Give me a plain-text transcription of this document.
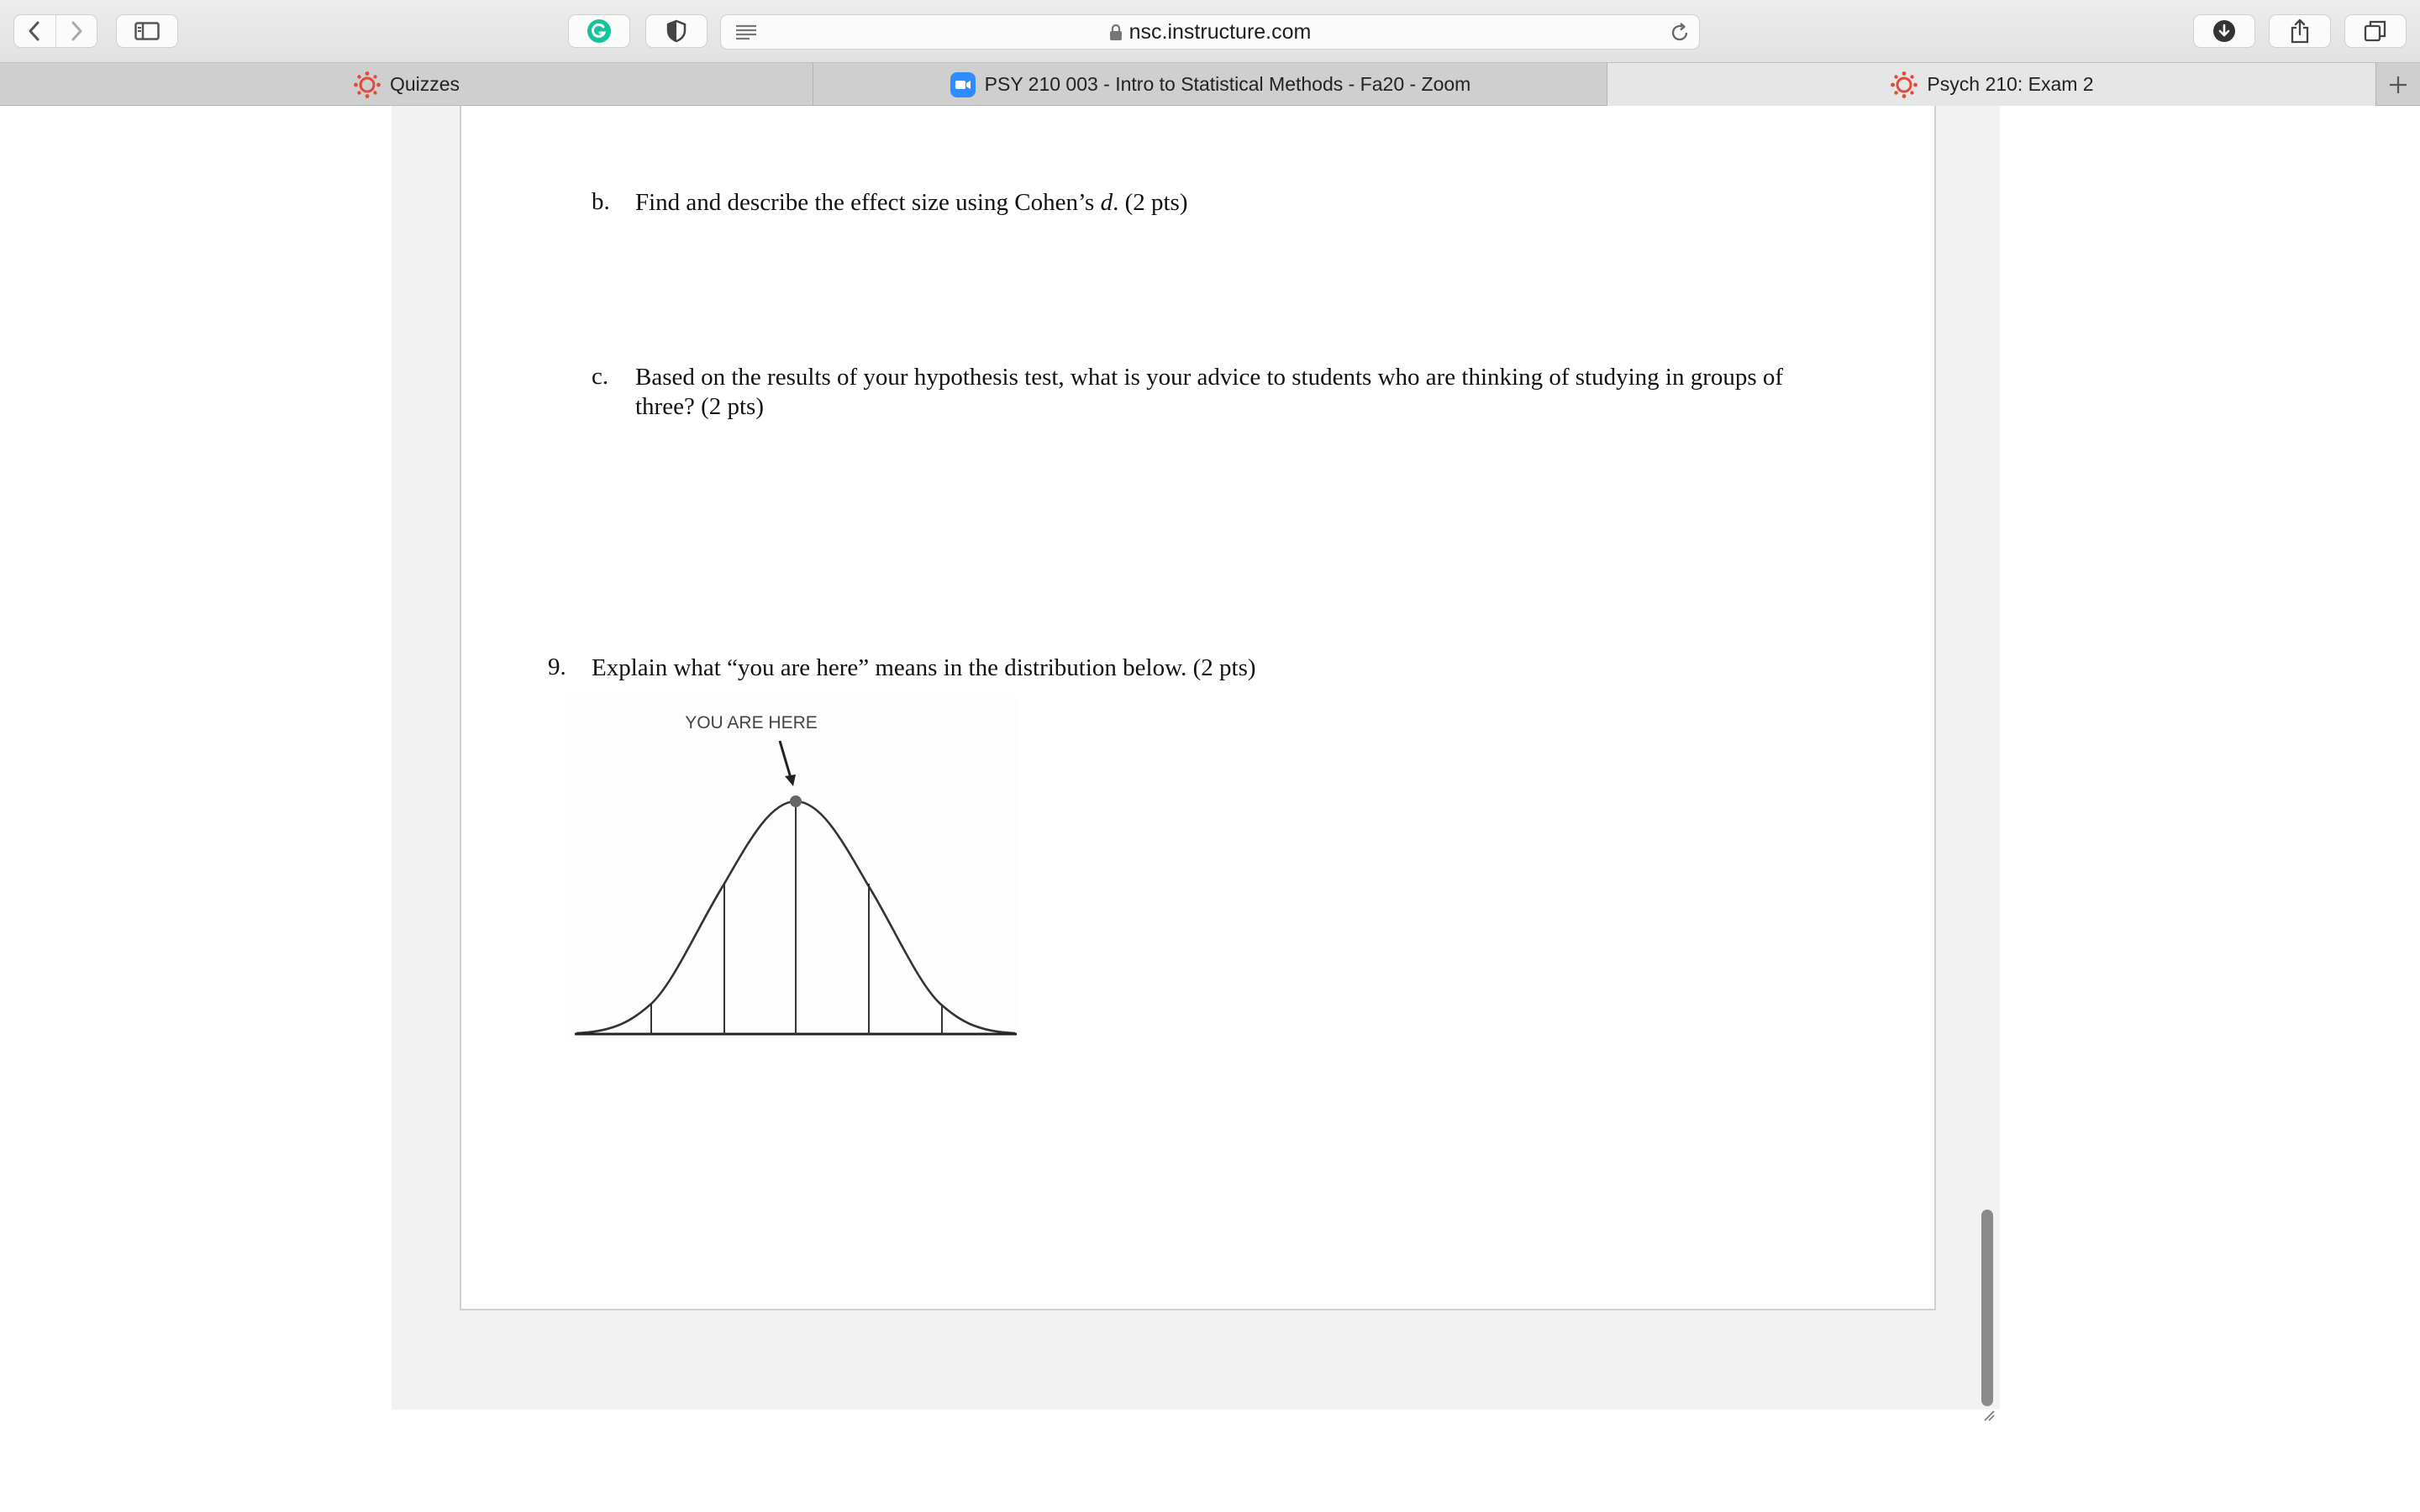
nsc.instructure.com
Quizzes	PSY 210 003 - Intro to Statistical Methods - Fa20 - Zoom	Psych 210: Exam 2
b. Find and describe the effect size using Cohen’s d. (2 pts)
c. Based on the results of your hypothesis test, what is your advice to students who are thinking of studying in groups of
three? (2 pts)
9. Explain what “you are here” means in the distribution below. (2 pts)
YOU ARE HERE
